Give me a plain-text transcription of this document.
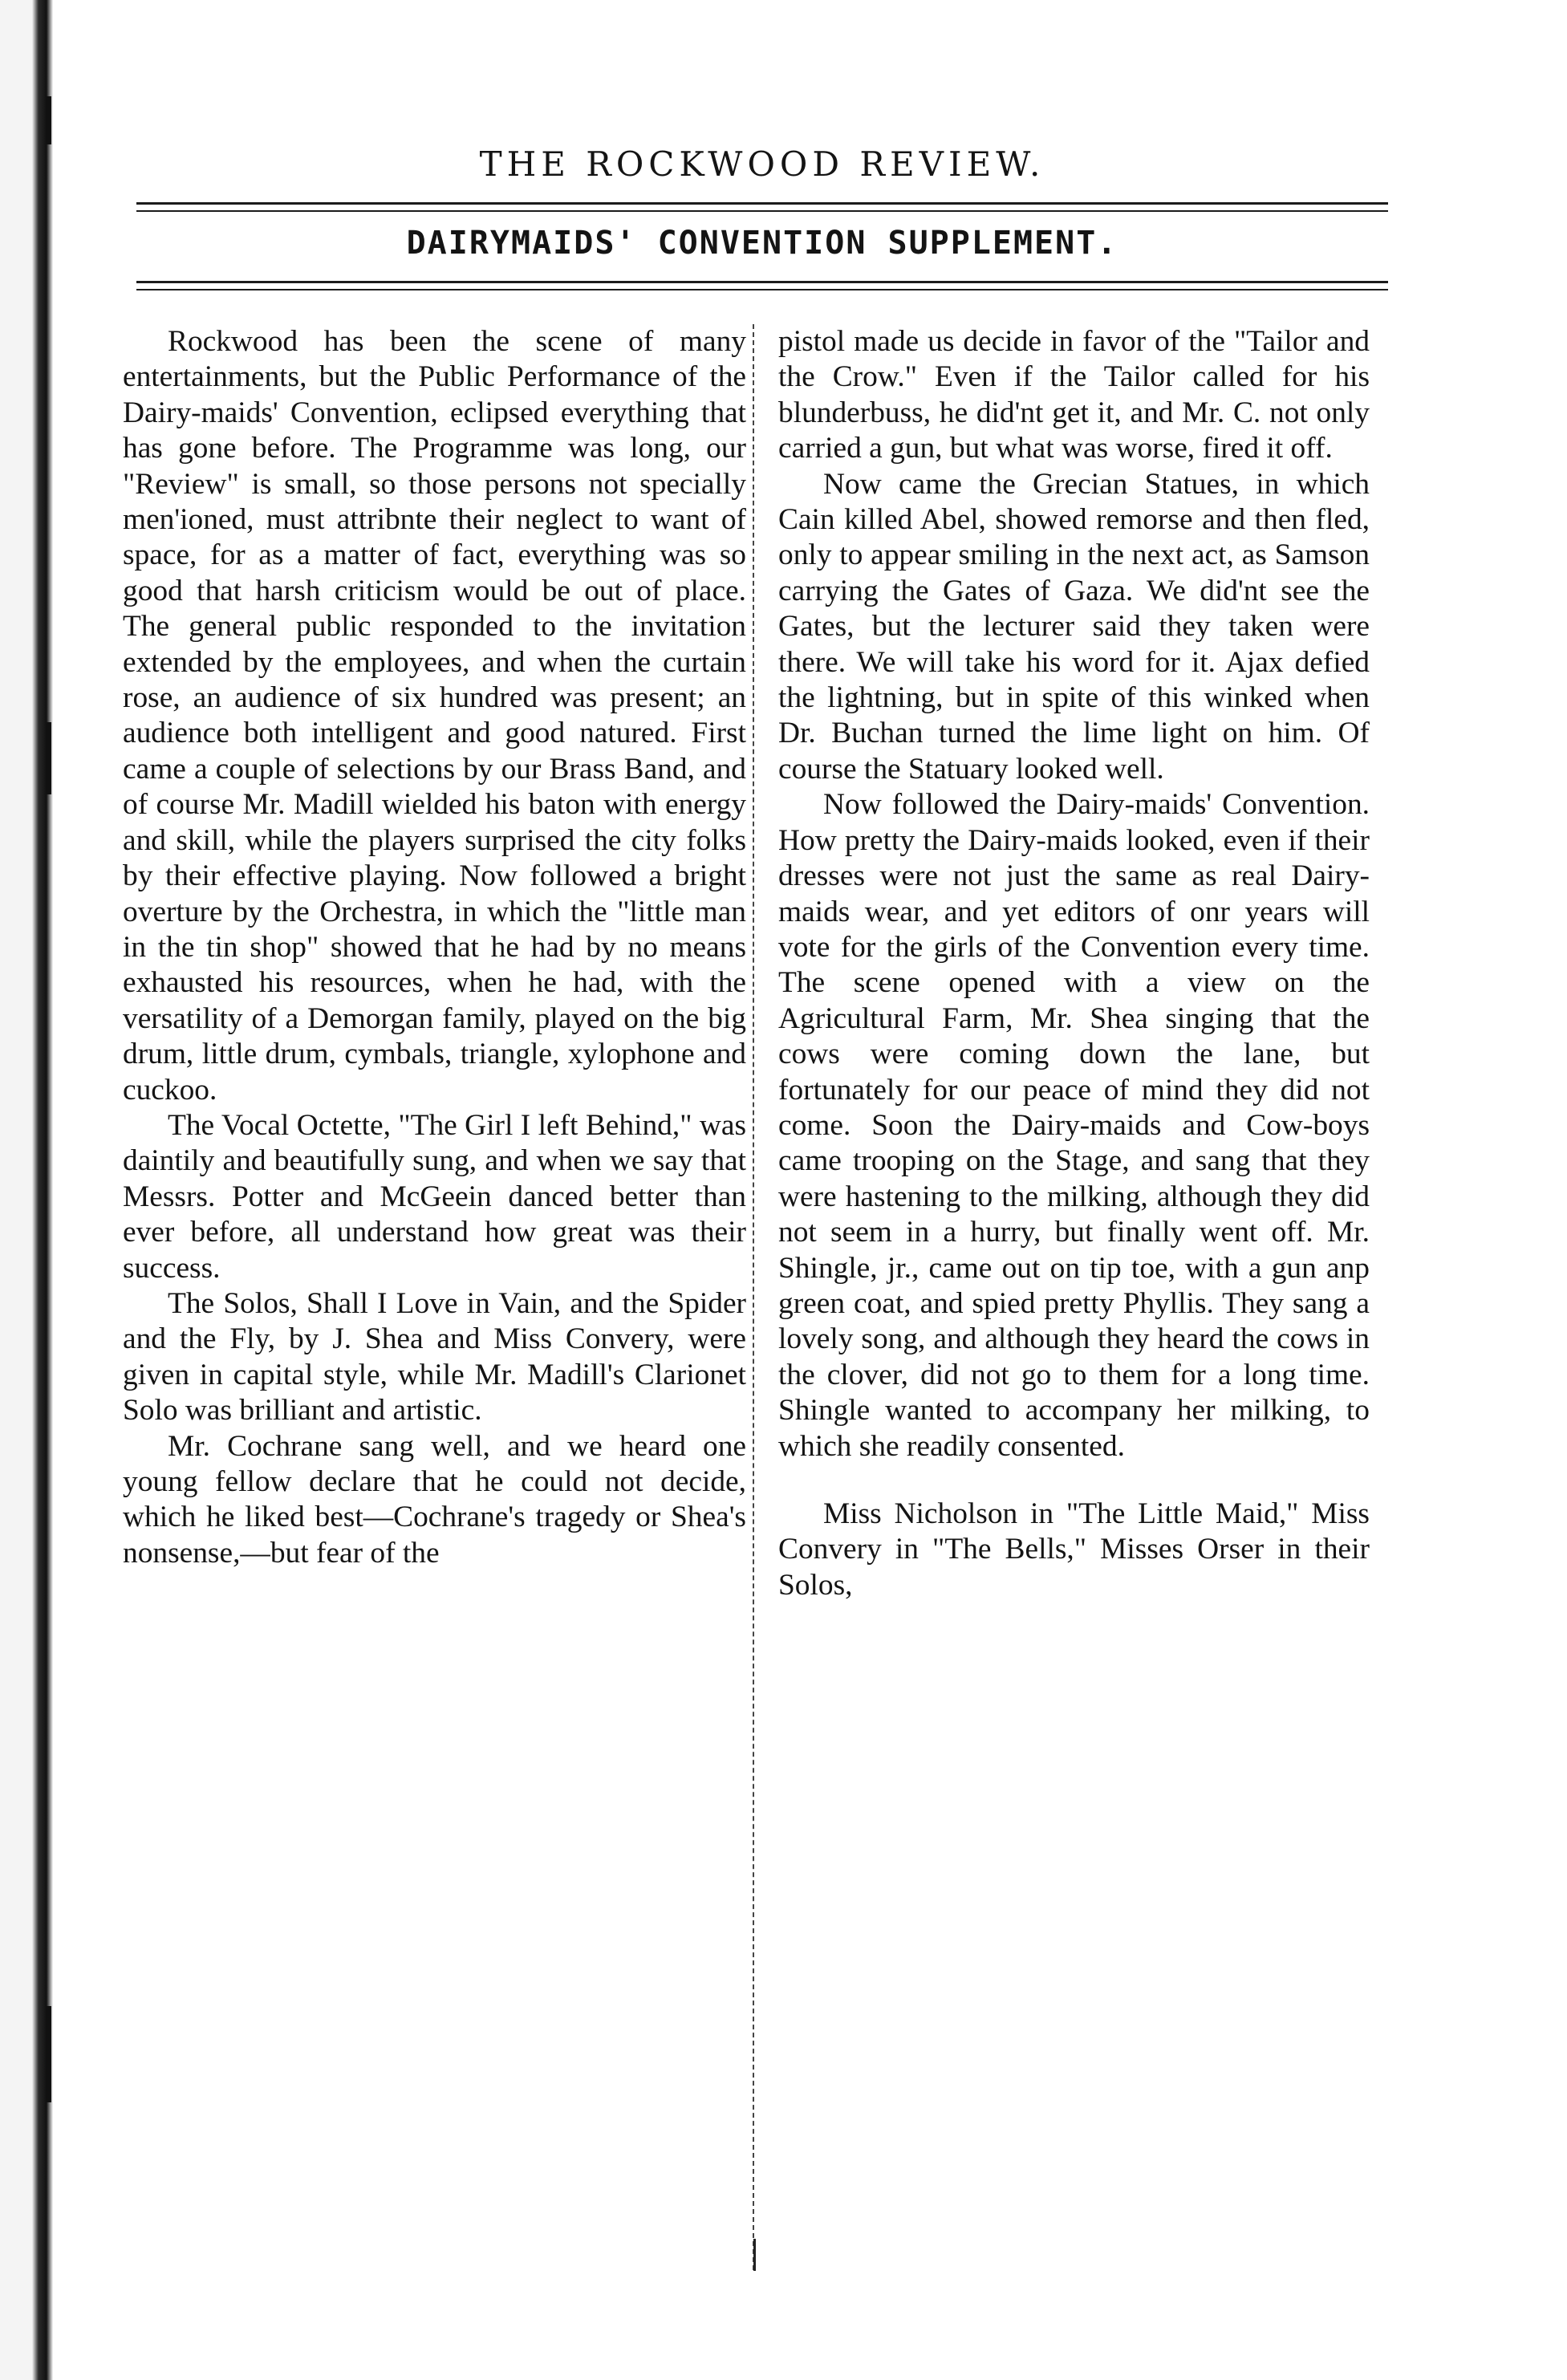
THE ROCKWOOD REVIEW.
DAIRYMAIDS' CONVENTION SUPPLEMENT.

Rockwood has been the scene of many entertainments, but the Public Performance of the Dairy-maids' Convention, eclipsed everything that has gone before. The Programme was long, our "Review" is small, so those persons not specially men'ioned, must attribnte their neglect to want of space, for as a matter of fact, everything was so good that harsh criticism would be out of place. The general public responded to the invitation extended by the employees, and when the curtain rose, an audience of six hundred was present; an audience both intelligent and good natured. First came a couple of selections by our Brass Band, and of course Mr. Madill wielded his baton with energy and skill, while the players surprised the city folks by their effective playing. Now followed a bright overture by the Orchestra, in which the "little man in the tin shop" showed that he had by no means exhausted his resources, when he had, with the versatility of a Demorgan family, played on the big drum, little drum, cymbals, triangle, xylophone and cuckoo.

The Vocal Octette, "The Girl I left Behind," was daintily and beautifully sung, and when we say that Messrs. Potter and McGeein danced better than ever before, all understand how great was their success.

The Solos, Shall I Love in Vain, and the Spider and the Fly, by J. Shea and Miss Convery, were given in capital style, while Mr. Madill's Clarionet Solo was brilliant and artistic.

Mr. Cochrane sang well, and we heard one young fellow declare that he could not decide, which he liked best—Cochrane's tragedy or Shea's nonsense,—but fear of the

pistol made us decide in favor of the "Tailor and the Crow." Even if the Tailor called for his blunderbuss, he did'nt get it, and Mr. C. not only carried a gun, but what was worse, fired it off.

Now came the Grecian Statues, in which Cain killed Abel, showed remorse and then fled, only to appear smiling in the next act, as Samson carrying the Gates of Gaza. We did'nt see the Gates, but the lecturer said they taken were there. We will take his word for it. Ajax defied the lightning, but in spite of this winked when Dr. Buchan turned the lime light on him. Of course the Statuary looked well.

Now followed the Dairy-maids' Convention. How pretty the Dairy-maids looked, even if their dresses were not just the same as real Dairy-maids wear, and yet editors of onr years will vote for the girls of the Convention every time. The scene opened with a view on the Agricultural Farm, Mr. Shea singing that the cows were coming down the lane, but fortunately for our peace of mind they did not come. Soon the Dairy-maids and Cow-boys came trooping on the Stage, and sang that they were hastening to the milking, although they did not seem in a hurry, but finally went off. Mr. Shingle, jr., came out on tip toe, with a gun anp green coat, and spied pretty Phyllis. They sang a lovely song, and although they heard the cows in the clover, did not go to them for a long time. Shingle wanted to accompany her milking, to which she readily consented.

Miss Nicholson in "The Little Maid," Miss Convery in "The Bells," Misses Orser in their Solos,
